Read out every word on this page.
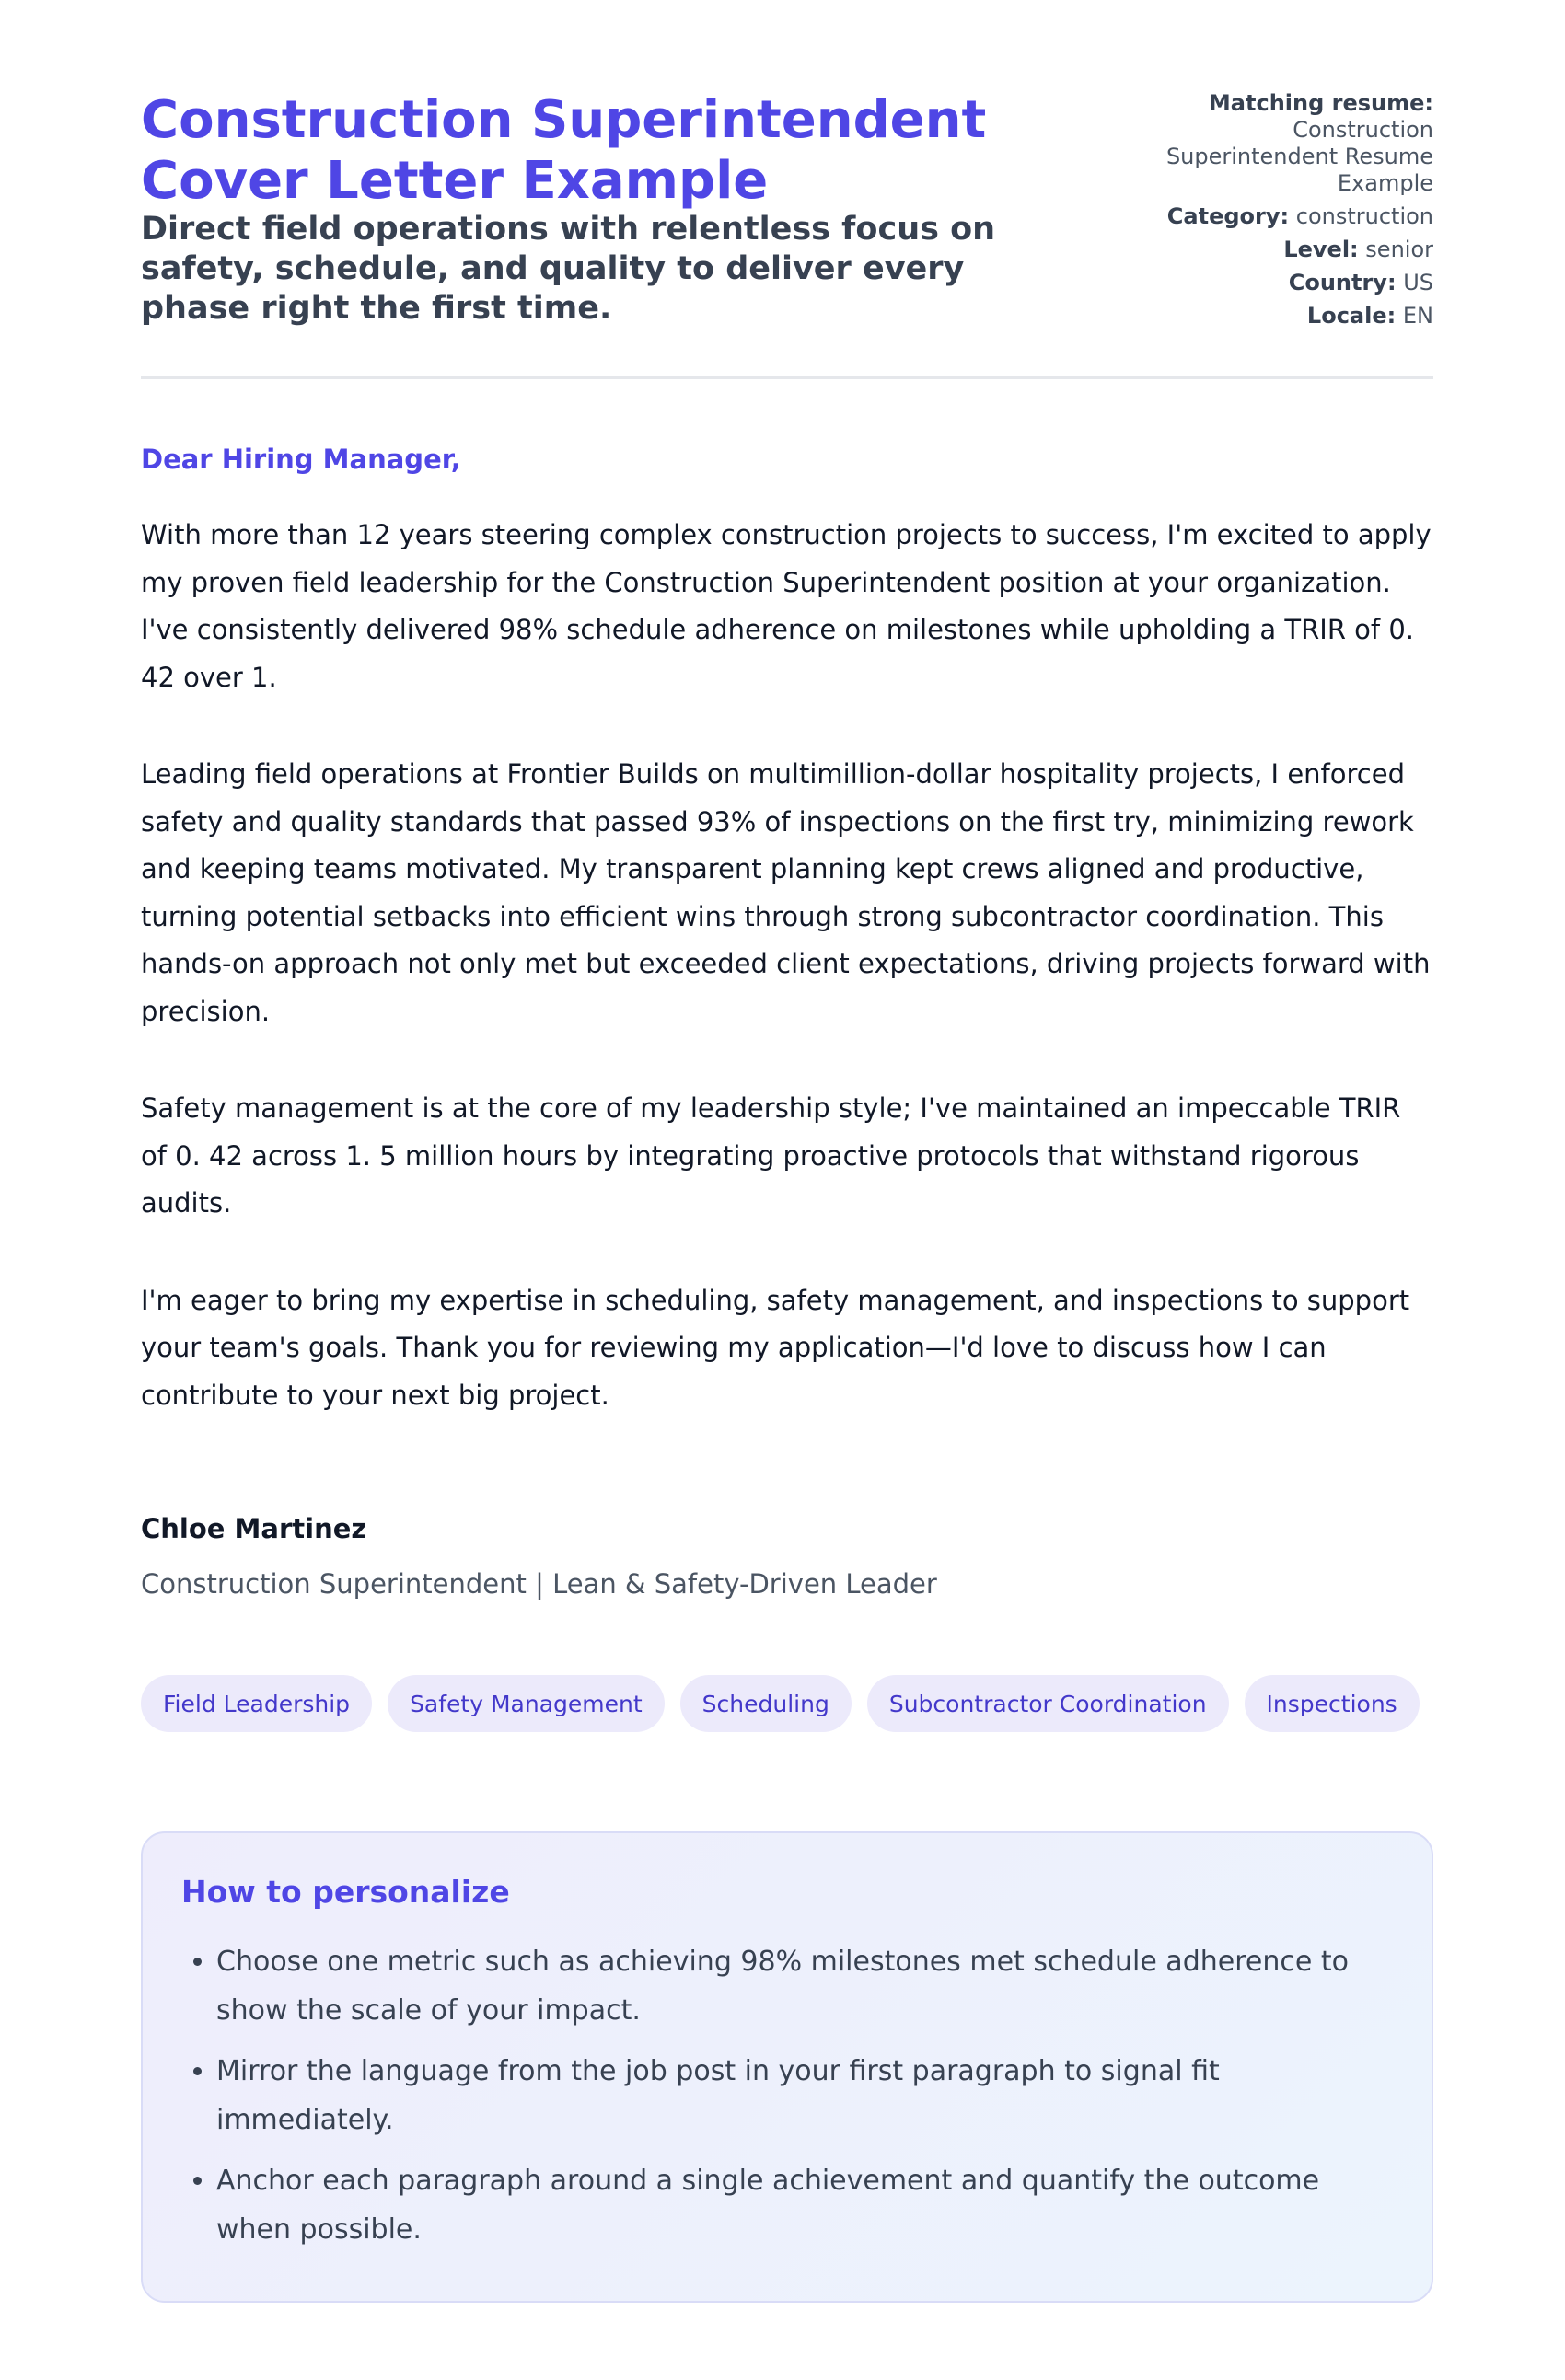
Construction Superintendent Cover Letter Example
Direct field operations with relentless focus on safety, schedule, and quality to deliver every phase right the first time.
Matching resume:
Construction Superintendent Resume Example
Category: construction
Level: senior
Country: US
Locale: EN
Dear Hiring Manager,

With more than 12 years steering complex construction projects to success, I'm excited to apply my proven field leadership for the Construction Superintendent position at your organization. I've consistently delivered 98% schedule adherence on milestones while upholding a TRIR of 0. 42 over 1.

Leading field operations at Frontier Builds on multimillion-dollar hospitality projects, I enforced safety and quality standards that passed 93% of inspections on the first try, minimizing rework and keeping teams motivated. My transparent planning kept crews aligned and productive, turning potential setbacks into efficient wins through strong subcontractor coordination. This hands-on approach not only met but exceeded client expectations, driving projects forward with precision.

Safety management is at the core of my leadership style; I've maintained an impeccable TRIR of 0. 42 across 1. 5 million hours by integrating proactive protocols that withstand rigorous audits.

I'm eager to bring my expertise in scheduling, safety management, and inspections to support your team's goals. Thank you for reviewing my application—I'd love to discuss how I can contribute to your next big project.

Chloe Martinez
Construction Superintendent | Lean & Safety-Driven Leader
Field Leadership	Safety Management	Scheduling	Subcontractor Coordination	Inspections
How to personalize
• Choose one metric such as achieving 98% milestones met schedule adherence to show the scale of your impact.
• Mirror the language from the job post in your first paragraph to signal fit immediately.
• Anchor each paragraph around a single achievement and quantify the outcome when possible.
